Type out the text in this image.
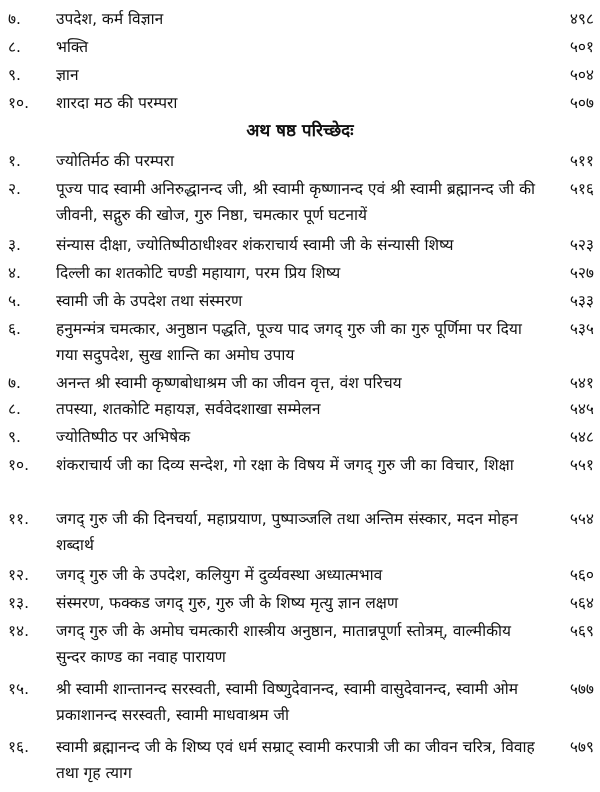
७. उपदेश, कर्म विज्ञान	४९८
८. भक्ति	५०१
९. ज्ञान	५०४
१०. शारदा मठ की परम्परा	५०७
अथ षष्ठ परिच्छेदः
१. ज्योतिर्मठ की परम्परा	५११
२. पूज्य पाद स्वामी अनिरुद्धानन्द जी, श्री स्वामी कृष्णानन्द एवं श्री स्वामी ब्रह्मानन्द जी की जीवनी, सद्गुरु की खोज, गुरु निष्ठा, चमत्कार पूर्ण घटनायें
५१६
३. संन्यास दीक्षा, ज्योतिष्पीठाधीश्वर शंकराचार्य स्वामी जी के संन्यासी शिष्य	५२३
४. दिल्ली का शतकोटि चण्डी महायाग, परम प्रिय शिष्य	५२७
५. स्वामी जी के उपदेश तथा संस्मरण	५३३
६. हनुमन्मंत्र चमत्कार, अनुष्ठान पद्धति, पूज्य पाद जगद् गुरु जी का गुरु पूर्णिमा पर दिया गया सदुपदेश, सुख शान्ति का अमोघ उपाय
५३५
७. अनन्त श्री स्वामी कृष्णबोधाश्रम जी का जीवन वृत्त, वंश परिचय	५४१
८. तपस्या, शतकोटि महायज्ञ, सर्ववेदशाखा सम्मेलन	५४५
९. ज्योतिष्पीठ पर अभिषेक	५४८
१०. शंकराचार्य जी का दिव्य सन्देश, गो रक्षा के विषय में जगद् गुरु जी का विचार, शिक्षा	५५१
११. जगद् गुरु जी की दिनचर्या, महाप्रयाण, पुष्पाञ्जलि तथा अन्तिम संस्कार, मदन मोहन शब्दार्थ
५५४
१२. जगद् गुरु जी के उपदेश, कलियुग में दुर्व्यवस्था अध्यात्मभाव	५६०
१३. संस्मरण, फक्कड जगद् गुरु, गुरु जी के शिष्य मृत्यु ज्ञान लक्षण	५६४
१४. जगद् गुरु जी के अमोघ चमत्कारी शास्त्रीय अनुष्ठान, मातान्नपूर्णा स्तोत्रम्, वाल्मीकीय सुन्दर काण्ड का नवाह पारायण
५६९
१५. श्री स्वामी शान्तानन्द सरस्वती, स्वामी विष्णुदेवानन्द, स्वामी वासुदेवानन्द, स्वामी ओम प्रकाशानन्द सरस्वती, स्वामी माधवाश्रम जी
५७७
१६. स्वामी ब्रह्मानन्द जी के शिष्य एवं धर्म सम्राट् स्वामी करपात्री जी का जीवन चरित्र, विवाह तथा गृह त्याग
५७९
